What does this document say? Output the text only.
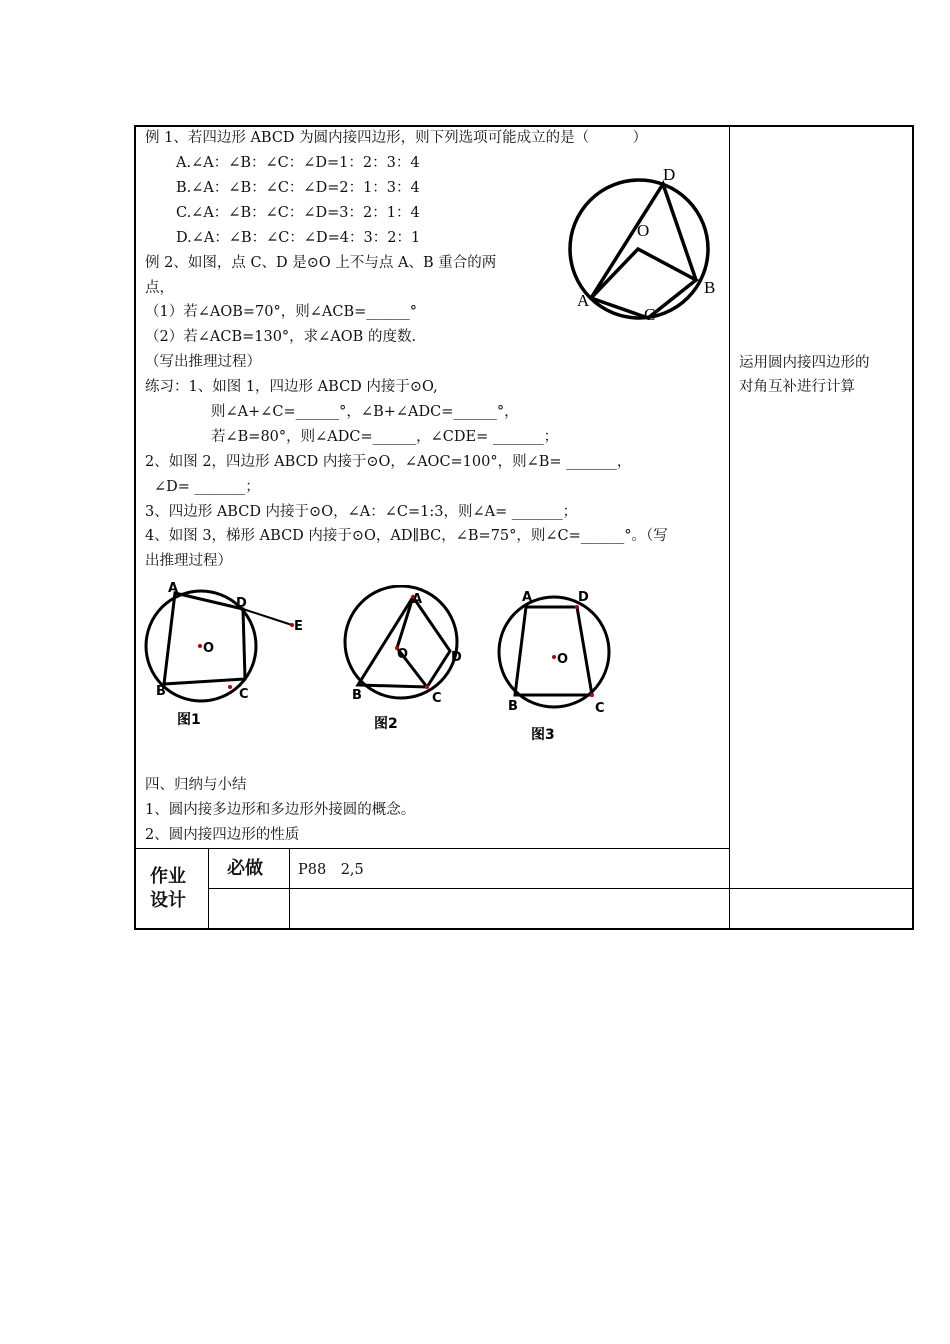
例 1、若四边形 ABCD 为圆内接四边形，则下列选项可能成立的是（　　　）
A.∠A：∠B：∠C：∠D=1：2：3：4
B.∠A：∠B：∠C：∠D=2：1：3：4
C.∠A：∠B：∠C：∠D=3：2：1：4
D.∠A：∠B：∠C：∠D=4：3：2：1
例 2、如图，点 C、D 是⊙O 上不与点 A、B 重合的两
点，
（1）若∠AOB=70°，则∠ACB=______°
（2）若∠ACB=130°，求∠AOB 的度数.
（写出推理过程）
D
O
A
B
C
运用圆内接四边形的
对角互补进行计算
练习：1、如图 1，四边形 ABCD 内接于⊙O,
则∠A+∠C=______°，∠B+∠ADC=______°，
若∠B=80°，则∠ADC=______，∠CDE= _______；
2、如图 2，四边形 ABCD 内接于⊙O，∠AOC=100°，则∠B= _______，
∠D= _______；
3、四边形 ABCD 内接于⊙O，∠A：∠C=1:3，则∠A= _______；
4、如图 3，梯形 ABCD 内接于⊙O，AD∥BC，∠B=75°，则∠C=______°。（写
出推理过程）
A
D
E
O
B	C
图1
A
O	D
B	C
图2
A	D
O
B	C
图3
四、归纳与小结
1、圆内接多边形和多边形外接圆的概念。
2、圆内接四边形的性质
作业
设计
必做 P88　2,5
